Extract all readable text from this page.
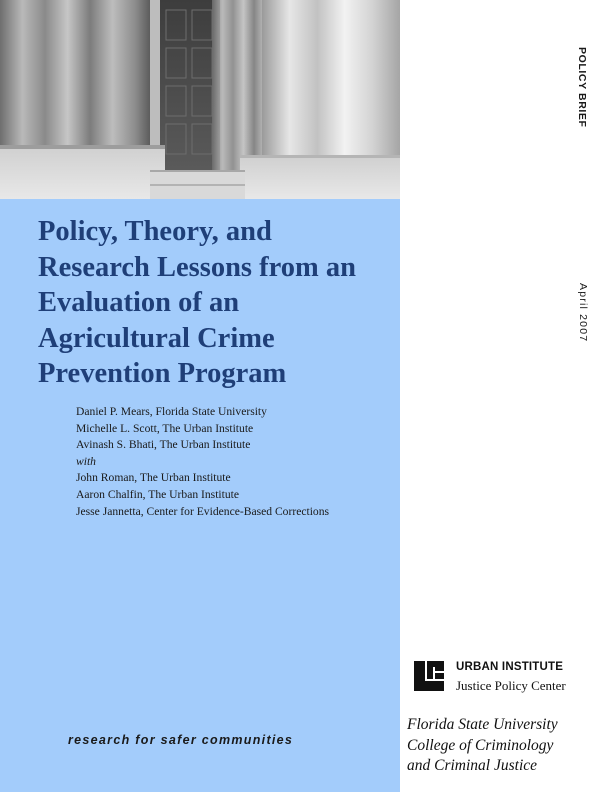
Policy, Theory, and
Research Lessons from an
Evaluation of an
Agricultural Crime
Prevention Program
Daniel P. Mears, Florida State University
Michelle L. Scott, The Urban Institute
Avinash S. Bhati, The Urban Institute
with
John Roman, The Urban Institute
Aaron Chalfin, The Urban Institute
Jesse Jannetta, Center for Evidence-Based Corrections
research for safer communities
POLICY BRIEF
April 2007
URBAN INSTITUTE
Justice Policy Center
Florida State University
College of Criminology
and Criminal Justice
